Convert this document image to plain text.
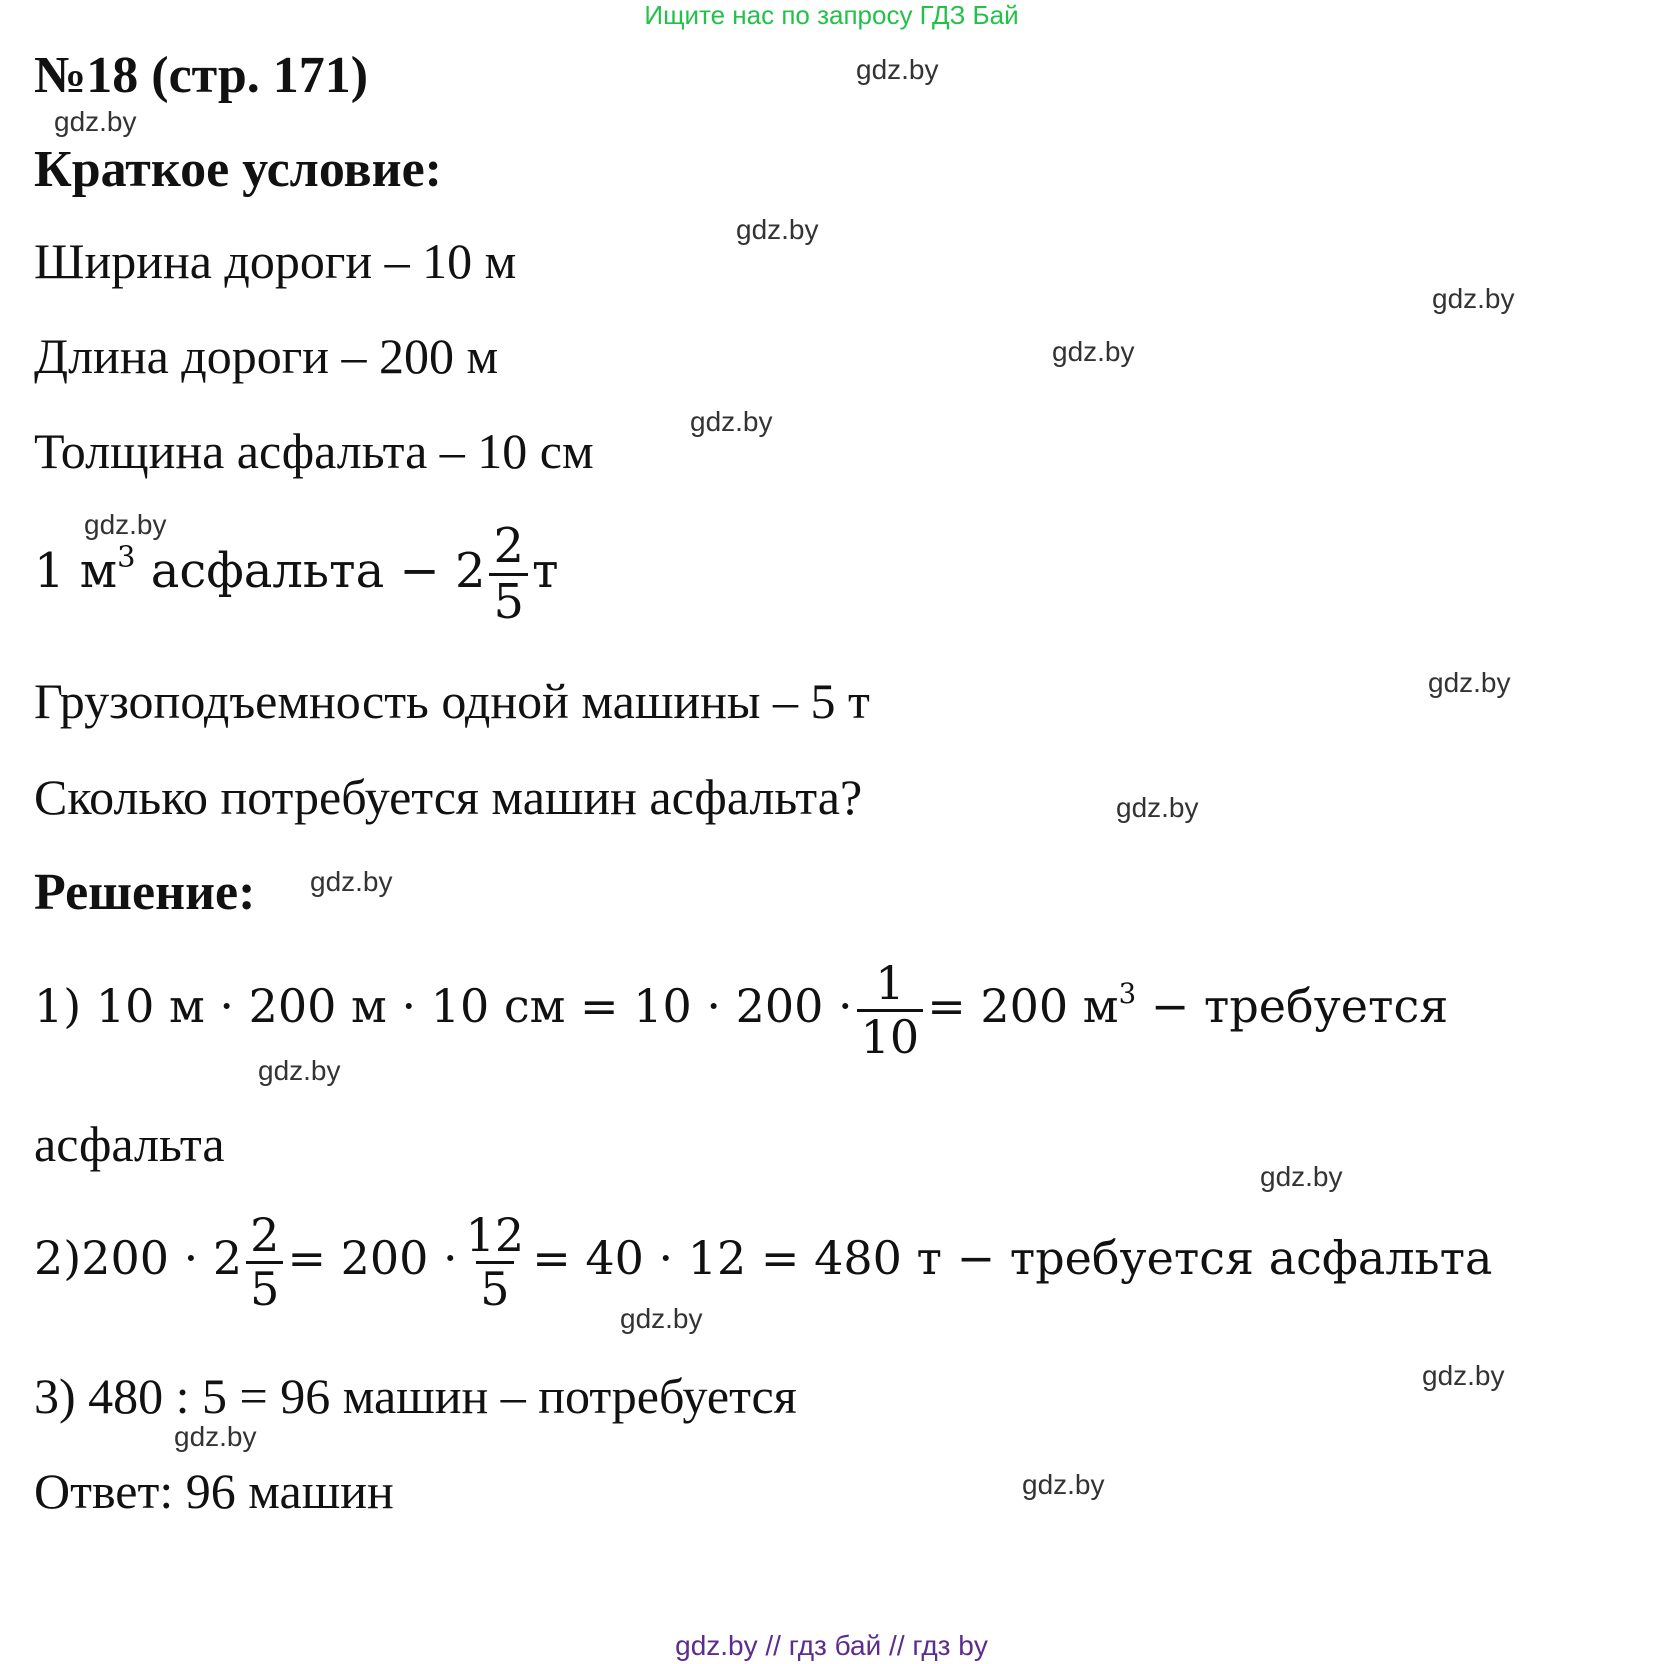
Ищите нас по запросу ГДЗ Бай
№18 (стр. 171)
Краткое условие:
Ширина дороги – 10 м
Длина дороги – 200 м
Толщина асфальта – 10 см
1 $м^3$ асфальта − $2 \frac{2}{5}$ т
Грузоподъемность одной машины – 5 т
Сколько потребуется машин асфальта?
Решение:
1) 10 м · 200 м · 10 см = $10 \cdot 200 \cdot \frac{1}{10} = 200$ $м^3$ − требуется
асфальта
$2)200 \cdot 2 \frac{2}{5} = 200 \cdot \frac{12}{5} = 40 \cdot 12 = 480$ т − требуется асфальта
3) 480 : 5 = 96 машин – потребуется
Ответ: 96 машин
gdz.by
gdz.by
gdz.by
gdz.by
gdz.by
gdz.by
gdz.by
gdz.by
gdz.by
gdz.by
gdz.by
gdz.by
gdz.by
gdz.by
gdz.by
gdz.by
gdz.by // гдз бай // гдз by
